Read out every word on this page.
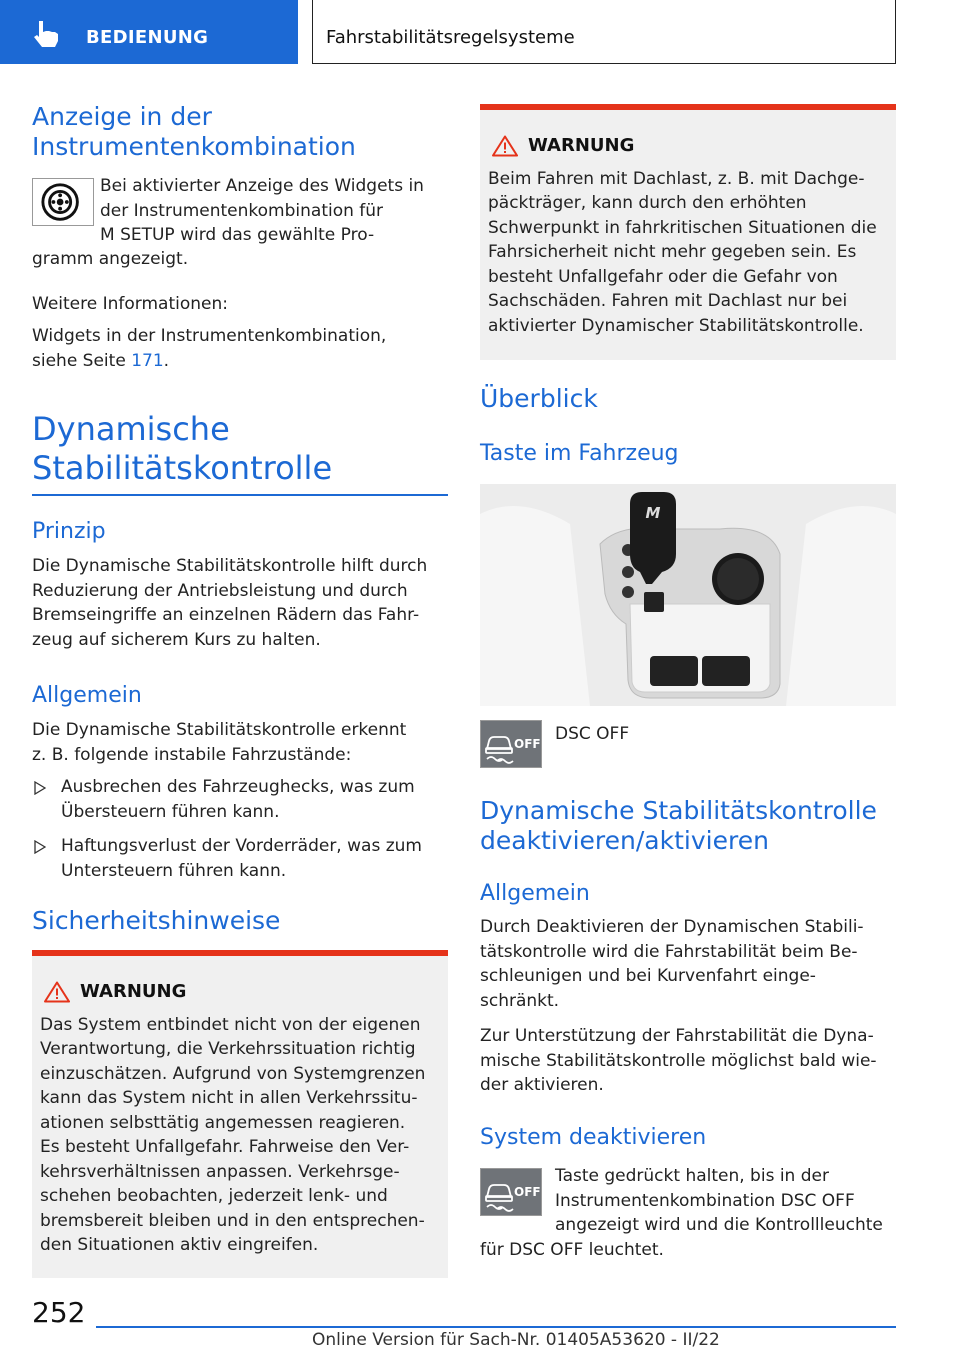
BEDIENUNG	Fahrstabilitätsregelsysteme
Anzeige in der
Instrumentenkombination
Bei aktivierter Anzeige des Widgets in
der Instrumentenkombination für
M SETUP wird das gewählte Pro-
gramm angezeigt.
Weitere Informationen:
Widgets in der Instrumentenkombination,
siehe Seite 171.
Dynamische
Stabilitätskontrolle
Prinzip
Die Dynamische Stabilitätskontrolle hilft durch
Reduzierung der Antriebsleistung und durch
Bremseingriffe an einzelnen Rädern das Fahr-
zeug auf sicherem Kurs zu halten.
Allgemein
Die Dynamische Stabilitätskontrolle erkennt
z. B. folgende instabile Fahrzustände:
Ausbrechen des Fahrzeughecks, was zum
Übersteuern führen kann.
Haftungsverlust der Vorderräder, was zum
Untersteuern führen kann.
Sicherheitshinweise
WARNUNG
Das System entbindet nicht von der eigenen
Verantwortung, die Verkehrssituation richtig
einzuschätzen. Aufgrund von Systemgrenzen
kann das System nicht in allen Verkehrssitu-
ationen selbsttätig angemessen reagieren.
Es besteht Unfallgefahr. Fahrweise den Ver-
kehrsverhältnissen anpassen. Verkehrsge-
schehen beobachten, jederzeit lenk- und
bremsbereit bleiben und in den entsprechen-
den Situationen aktiv eingreifen.
WARNUNG
Beim Fahren mit Dachlast, z. B. mit Dachge-
päckträger, kann durch den erhöhten
Schwerpunkt in fahrkritischen Situationen die
Fahrsicherheit nicht mehr gegeben sein. Es
besteht Unfallgefahr oder die Gefahr von
Sachschäden. Fahren mit Dachlast nur bei
aktivierter Dynamischer Stabilitätskontrolle.
Überblick
Taste im Fahrzeug
M
OFF DSC OFF
Dynamische Stabilitätskontrolle
deaktivieren/aktivieren
Allgemein
Durch Deaktivieren der Dynamischen Stabili-
tätskontrolle wird die Fahrstabilität beim Be-
schleunigen und bei Kurvenfahrt einge-
schränkt.
Zur Unterstützung der Fahrstabilität die Dyna-
mische Stabilitätskontrolle möglichst bald wie-
der aktivieren.
System deaktivieren
OFF
Taste gedrückt halten, bis in der
Instrumentenkombination DSC OFF
angezeigt wird und die Kontrollleuchte
für DSC OFF leuchtet.
252
Online Version für Sach-Nr. 01405A53620 - II/22
